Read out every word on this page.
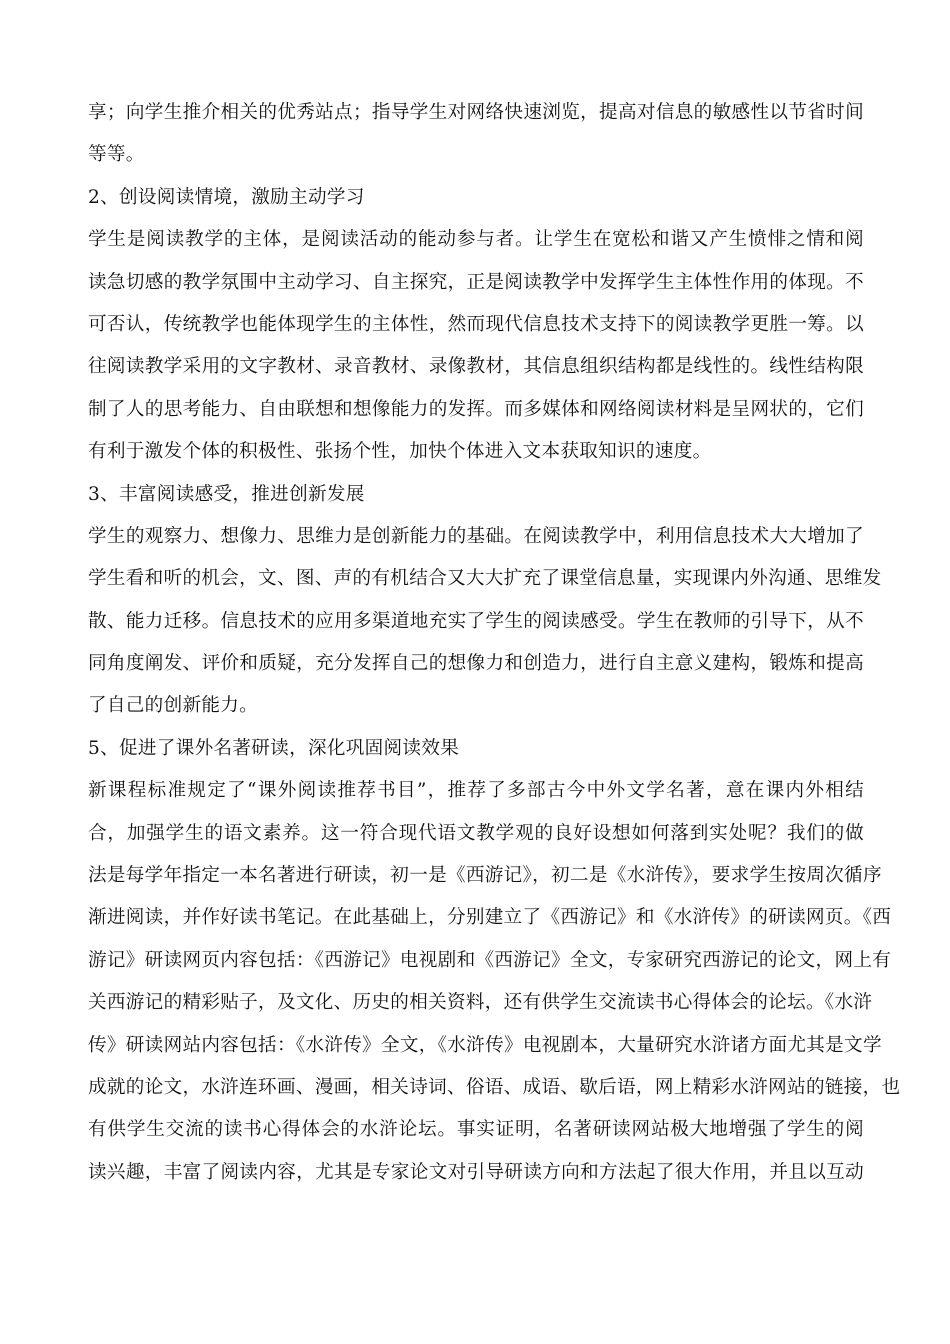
享；向学生推介相关的优秀站点；指导学生对网络快速浏览，提高对信息的敏感性以节省时间
等等。
2、创设阅读情境，激励主动学习
学生是阅读教学的主体，是阅读活动的能动参与者。让学生在宽松和谐又产生愤悱之情和阅
读急切感的教学氛围中主动学习、自主探究，正是阅读教学中发挥学生主体性作用的体现。不
可否认，传统教学也能体现学生的主体性，然而现代信息技术支持下的阅读教学更胜一筹。以
往阅读教学采用的文字教材、录音教材、录像教材，其信息组织结构都是线性的。线性结构限
制了人的思考能力、自由联想和想像能力的发挥。而多媒体和网络阅读材料是呈网状的，它们
有利于激发个体的积极性、张扬个性，加快个体进入文本获取知识的速度。
3、丰富阅读感受，推进创新发展
学生的观察力、想像力、思维力是创新能力的基础。在阅读教学中，利用信息技术大大增加了
学生看和听的机会，文、图、声的有机结合又大大扩充了课堂信息量，实现课内外沟通、思维发
散、能力迁移。信息技术的应用多渠道地充实了学生的阅读感受。学生在教师的引导下，从不
同角度阐发、评价和质疑，充分发挥自己的想像力和创造力，进行自主意义建构，锻炼和提高
了自己的创新能力。
5、促进了课外名著研读，深化巩固阅读效果
新课程标准规定了“课外阅读推荐书目”，推荐了多部古今中外文学名著，意在课内外相结
合，加强学生的语文素养。这一符合现代语文教学观的良好设想如何落到实处呢？我们的做
法是每学年指定一本名著进行研读，初一是《西游记》，初二是《水浒传》，要求学生按周次循序
渐进阅读，并作好读书笔记。在此基础上，分别建立了《西游记》和《水浒传》的研读网页。《西
游记》研读网页内容包括：《西游记》电视剧和《西游记》全文，专家研究西游记的论文，网上有
关西游记的精彩贴子，及文化、历史的相关资料，还有供学生交流读书心得体会的论坛。《水浒
传》研读网站内容包括：《水浒传》全文，《水浒传》电视剧本，大量研究水浒诸方面尤其是文学
成就的论文，水浒连环画、漫画，相关诗词、俗语、成语、歇后语，网上精彩水浒网站的链接，也
有供学生交流的读书心得体会的水浒论坛。事实证明，名著研读网站极大地增强了学生的阅
读兴趣，丰富了阅读内容，尤其是专家论文对引导研读方向和方法起了很大作用，并且以互动
